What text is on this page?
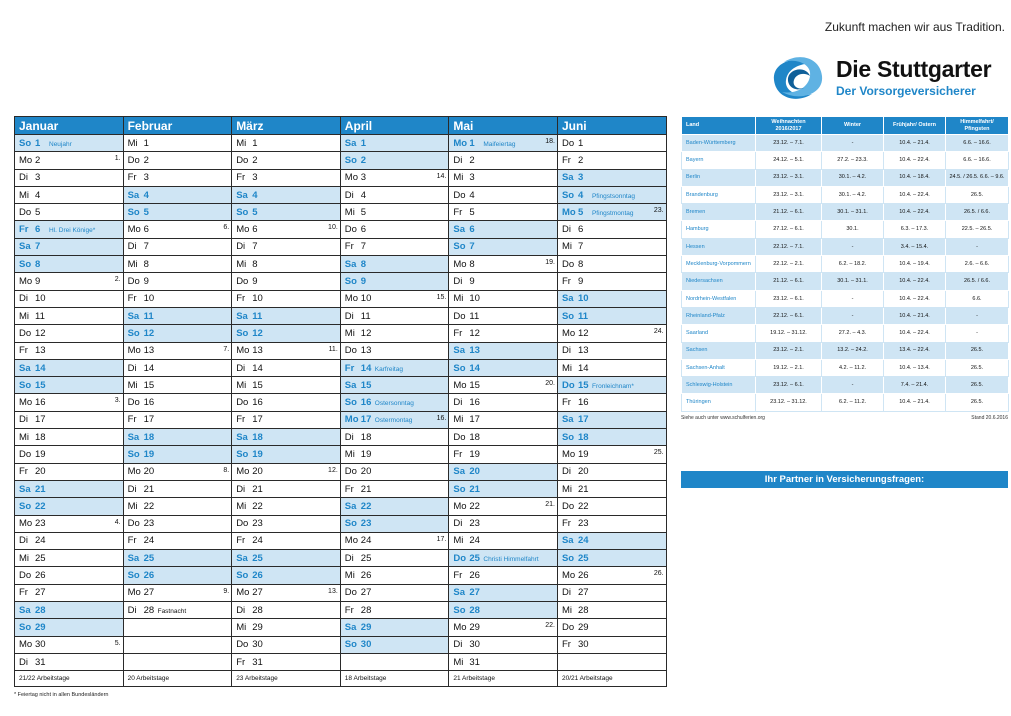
Zukunft machen wir aus Tradition.
Die Stuttgarter
Der Vorsorgeversicherer
Januar	Februar	März	April	Mai	Juni
So 1 Neujahr	Mi 1	Mi 1	Sa 1	Mo 1 Maifeiertag 18.	Do 1
Mo 2 1.	Do 2	Do 2	So 2	Di 2	Fr 2
Di 3	Fr 3	Fr 3	Mo 3 14.	Mi 3	Sa 3
Mi 4	Sa 4	Sa 4	Di 4	Do 4	So 4 Pfingstsonntag
Do 5	So 5	So 5	Mi 5	Fr 5	Mo 5 Pfingstmontag 23.

Fr 6 Hl. Drei Könige*	Mo 6 6.	Mo 6 10.	Do 6	Sa 6	Di 6
Sa 7	Di 7	Di 7	Fr 7	So 7	Mi 7
So 8	Mi 8	Mi 8	Sa 8	Mo 8 19.	Do 8
Mo 9 2.	Do 9	Do 9	So 9	Di 9	Fr 9
Di 10	Fr 10	Fr 10	Mo 10 15.	Mi 10	Sa 10
Mi 11	Sa 11	Sa 11	Di 11	Do 11	So 11
Do 12	So 12	So 12	Mi 12	Fr 12	Mo 12 24.

Fr 13	Mo 13 7.	Mo 13 11.	Do 13	Sa 13	Di 13
Sa 14	Di 14	Di 14	Fr 14 Karfreitag	So 14	Mi 14
So 15	Mi 15	Mi 15	Sa 15	Mo 15 20.	Do 15 Fronleichnam*
Mo 16 3.	Do 16	Do 16	So 16 Ostersonntag	Di 16	Fr 16
Di 17	Fr 17	Fr 17	Mo 17 Ostermontag 16.	Mi 17	Sa 17
Mi 18	Sa 18	Sa 18	Di 18	Do 18	So 18
Do 19	So 19	So 19	Mi 19	Fr 19	Mo 19 25.

Fr 20	Mo 20 8.	Mo 20 12.	Do 20	Sa 20	Di 20
Sa 21	Di 21	Di 21	Fr 21	So 21	Mi 21
So 22	Mi 22	Mi 22	Sa 22	Mo 22 21.	Do 22
Mo 23 4.	Do 23	Do 23	So 23	Di 23	Fr 23
Di 24	Fr 24	Fr 24	Mo 24 17.	Mi 24	Sa 24
Mi 25	Sa 25	Sa 25	Di 25	Do 25 Christi Himmelfahrt	So 25
Do 26	So 26	So 26	Mi 26	Fr 26	Mo 26 26.

Fr 27	Mo 27 9.	Mo 27 13.	Do 27	Sa 27	Di 27
Sa 28	Di 28 Fastnacht	Di 28	Fr 28	So 28	Mi 28
So 29		Mi 29	Sa 29	Mo 29 22.	Do 29
Mo 30 5.		Do 30	So 30	Di 30	Fr 30
Di 31		Fr 31		Mi 31	
21/22 Arbeitstage	20 Arbeitstage	23 Arbeitstage	18 Arbeitstage	21 Arbeitstage	20/21 Arbeitstage
* Feiertag nicht in allen Bundesländern
Land	Weihnachten 2016/2017	Winter	Frühjahr/ Ostern	Himmelfahrt/ Pfingsten
Baden-Württemberg	23.12. – 7.1.	-	10.4. – 21.4.	6.6. – 16.6.
Bayern	24.12. – 5.1.	27.2. – 23.3.	10.4. – 22.4.	6.6. – 16.6.
Berlin	23.12. – 3.1.	30.1. – 4.2.	10.4. – 18.4.	24.5. / 26.5. 6.6. – 9.6.
Brandenburg	23.12. – 3.1.	30.1. – 4.2.	10.4. – 22.4.	26.5.
Bremen	21.12. – 6.1.	30.1. – 31.1.	10.4. – 22.4.	26.5. / 6.6.
Hamburg	27.12. – 6.1.	30.1.	6.3. – 17.3.	22.5. – 26.5.
Hessen	22.12. – 7.1.	-	3.4. – 15.4.	-
Mecklenburg-Vorpommern	22.12. – 2.1.	6.2. – 18.2.	10.4. – 19.4.	2.6. – 6.6.
Niedersachsen	21.12. – 6.1.	30.1. – 31.1.	10.4. – 22.4.	26.5. / 6.6.
Nordrhein-Westfalen	23.12. – 6.1.	-	10.4. – 22.4.	6.6.
Rheinland-Pfalz	22.12. – 6.1.	-	10.4. – 21.4.	-
Saarland	19.12. – 31.12.	27.2. – 4.3.	10.4. – 22.4.	-
Sachsen	23.12. – 2.1.	13.2. – 24.2.	13.4. – 22.4.	26.5.
Sachsen-Anhalt	19.12. – 2.1.	4.2. – 11.2.	10.4. – 13.4.	26.5.
Schleswig-Holstein	23.12. – 6.1.	-	7.4. – 21.4.	26.5.
Thüringen	23.12. – 31.12.	6.2. – 11.2.	10.4. – 21.4.	26.5.
Siehe auch unter www.schulferien.org	Stand 20.6.2016
Ihr Partner in Versicherungsfragen:
